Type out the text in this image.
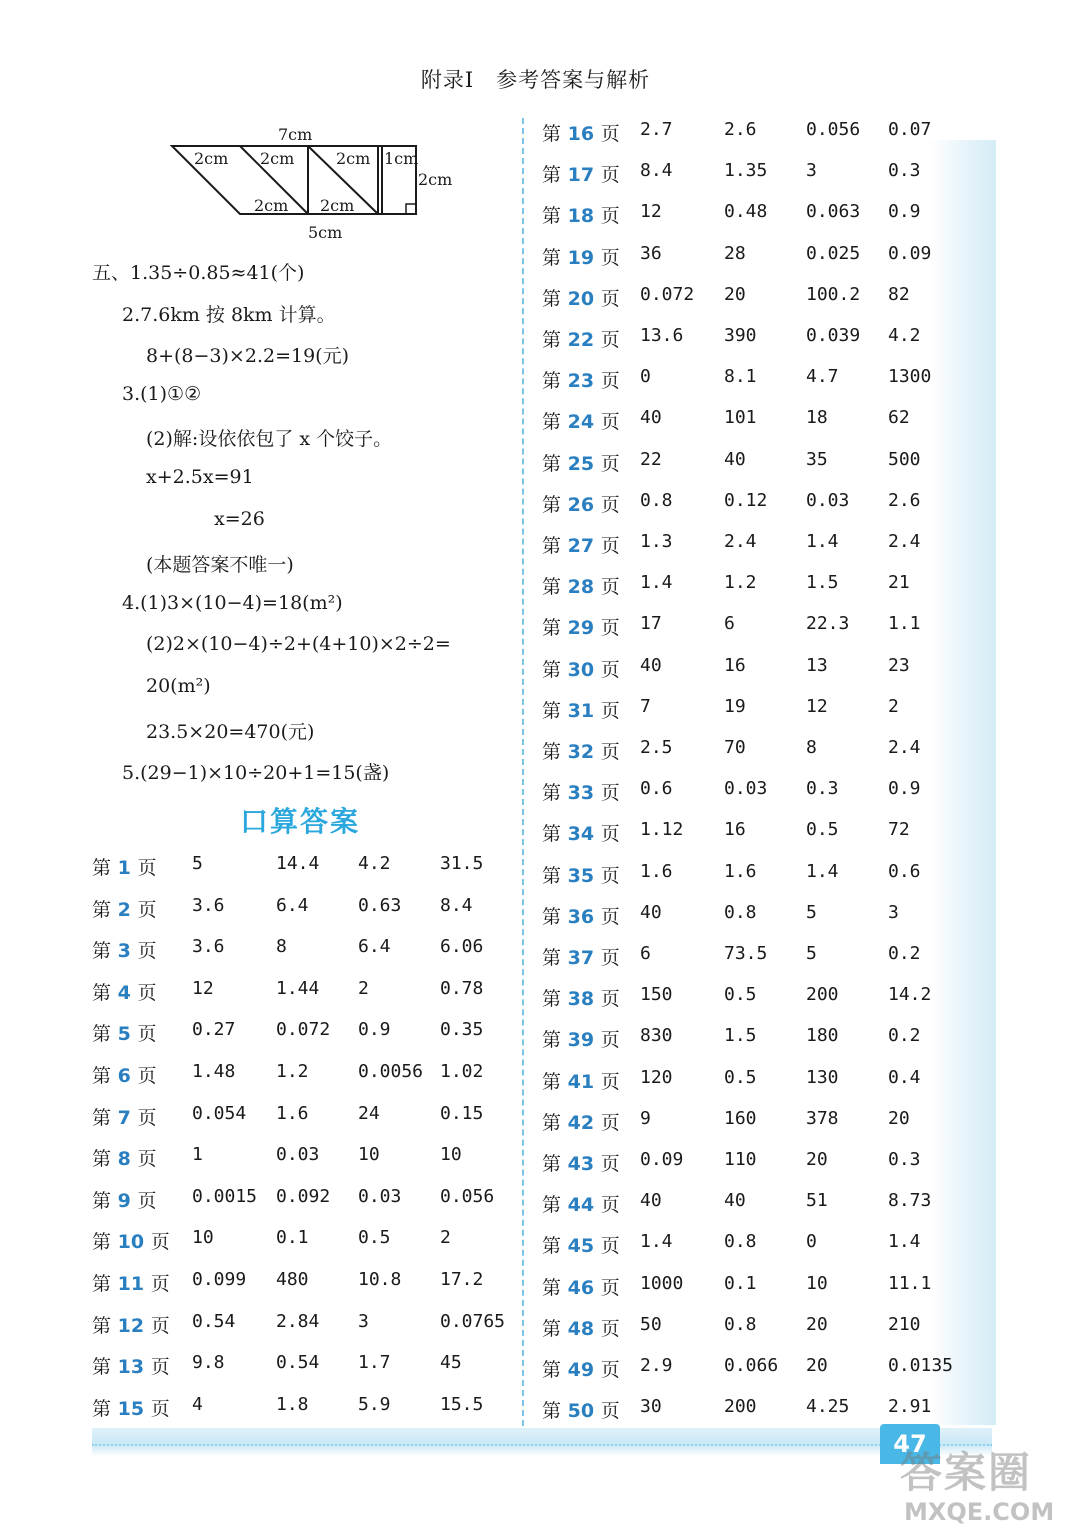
附录Ⅰ　参考答案与解析
7cm
5cm
2cm
2cm 2cm	2cm 1cm
2cm 2cm
五、1.35÷0.85≈41(个)
2.7.6km 按 8km 计算。
8+(8−3)×2.2=19(元)
3.(1)①②
(2)解:设依依包了 x 个饺子。
x+2.5x=91
x=26
(本题答案不唯一)
4.(1)3×(10−4)=18(m²)
(2)2×(10−4)÷2+(4+10)×2÷2=
20(m²)
23.5×20=470(元)
5.(29−1)×10÷20+1=15(盏)
口算答案
第 1 页 5	14.4 4.2	31.5
第 2 页 3.6	6.4	0.63 8.4
第 3 页 3.6	8	6.4	6.06
第 4 页 12	1.44 2	0.78
第 5 页 0.27 0.072 0.9	0.35
第 6 页 1.48 1.2	0.0056 1.02
第 7 页 0.054 1.6	24	0.15
第 8 页 1	0.03 10	10
第 9 页 0.0015 0.092 0.03 0.056
第 10 页 10	0.1	0.5	2
第 11 页 0.099 480	10.8 17.2
第 12 页 0.54 2.84 3	0.0765
第 13 页 9.8	0.54 1.7	45
第 15 页 4	1.8	5.9	15.5
第 16 页 2.7	2.6	0.056 0.07
第 17 页 8.4	1.35 3	0.3
第 18 页 12	0.48 0.063 0.9
第 19 页 36	28	0.025 0.09
第 20 页 0.072 20	100.2 82
第 22 页 13.6 390	0.039 4.2
第 23 页 0	8.1	4.7	1300
第 24 页 40	101	18	62
第 25 页 22	40	35	500
第 26 页 0.8	0.12 0.03 2.6
第 27 页 1.3	2.4	1.4	2.4
第 28 页 1.4	1.2	1.5	21
第 29 页 17	6	22.3 1.1
第 30 页 40	16	13	23
第 31 页 7	19	12	2
第 32 页 2.5	70	8	2.4
第 33 页 0.6	0.03 0.3	0.9
第 34 页 1.12 16	0.5	72
第 35 页 1.6	1.6	1.4	0.6
第 36 页 40	0.8	5	3
第 37 页 6	73.5 5	0.2
第 38 页 150	0.5	200	14.2
第 39 页 830	1.5	180	0.2
第 41 页 120	0.5	130	0.4
第 42 页 9	160	378	20
第 43 页 0.09 110	20	0.3
第 44 页 40	40	51	8.73
第 45 页 1.4	0.8	0	1.4
第 46 页 1000 0.1	10	11.1
第 48 页 50	0.8	20	210
第 49 页 2.9	0.066 20	0.0135
第 50 页 30	200	4.25 2.91
47
答案圈
MXQE.COM
